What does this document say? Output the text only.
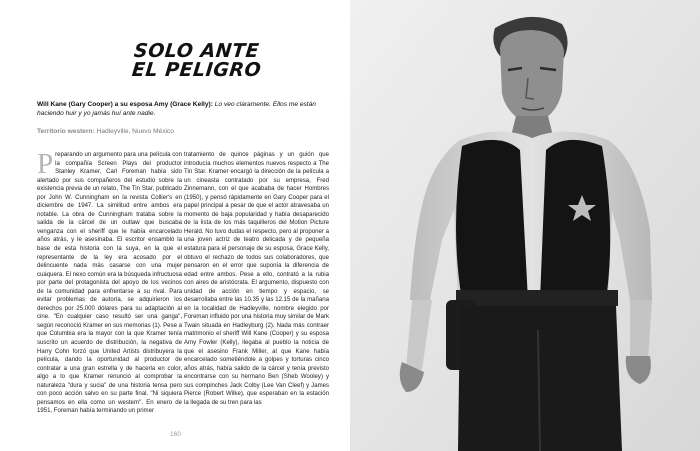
SOLO ANTE
EL PELIGRO
Will Kane (Gary Cooper) a su esposa Amy (Grace Kelly): Lo veo claramente. Ellos me están haciendo huir y yo jamás huí ante nadie.
Territorio western: Hadleyville, Nuevo México
P reparando un argumento para una película con la compañía Screen Plays del productor Stanley Kramer, Carl Foreman había sido alertado por sus compañeros del estudio sobre la existencia previa de un relato, The Tin Star, publicado por John W. Cunningham en la revista Collier's en diciembre de 1947. La similitud entre ambos era notable. La obra de Cunningham trataba sobre la salida de la cárcel de un outlaw que buscaba venganza con el sheriff que le había encarcelado años atrás, y le asesinaba. El escritor ensambló la base de esta historia con la suya, en la que el representante de la ley era acosado por el delincuente nada más casarse con una mujer cuáquera. El nexo común era la búsqueda infructuosa por parte del protagonista del apoyo de los vecinos de la comunidad para enfrentarse a su rival. Para evitar problemas de autoría, se adquirieron los derechos por 25.000 dólares para su adaptación al cine. "En cualquier caso resultó ser una ganga", según reconoció Kramer en sus memorias (1). Pese a que Columbia era la mayor con la que Kramer tenía suscrito un acuerdo de distribución, la negativa de Harry Cohn forzó que United Artists distribuyera la película, dando la oportunidad al productor de contratar a una gran estrella y de hacerla en color, algo a lo que Kramer renunció al comprobar la naturaleza "dura y sucia" de una historia tensa pero con poco acción salvo en su parte final. "Ni siquiera pensamos en ella como un western". En enero de 1951, Foreman había terminando un primer

tratamiento de quince páginas y un guión que introducía muchos elementos nuevos respecto a The Tin Star. Kramer encargó la dirección de la película a un cineasta contratado por su empresa, Fred Zinnemann, con el que acababa de hacer Hombres (1950), y pensó rápidamente en Gary Cooper para el papel principal a pesar de que el actor atravesaba un momento de baja popularidad y había desaparecido de la lista de los más taquilleros del Motion Picture Herald. No tuvo dudas el respecto, pero al proponer a una joven actriz de teatro delicada y de pequeña estatura para el personaje de su esposa, Grace Kelly, obtuvo el rechazo de todos sus colaboradores, que pensaron en el error que suponía la diferencia de edad entre ambos. Pese a ello, contrató a la rubia con aires de aristócrata. El argumento, dispuesto con unidad de acción en tiempo y espacio, se desarrollaba entre las 10.35 y las 12.15 de la mañana en la localidad de Hadleyville, nombre elegido por Foreman influido por una historia muy similar de Mark Twain situada en Hadleyburg (2). Nada más contraer matrimonio el sheriff Will Kane (Cooper) y su esposa Amy Fowler (Kelly), llegaba al pueblo la noticia de que el asesino Frank Miller, al que Kane había encarcelado sometiéndole a golpes y torturas cinco años atrás, había salido de la cárcel y tenía previsto encontrarse con su hermano Ben (Sheb Wooley) y sus compinches Jack Colby (Lee Van Cleef) y James Pierce (Robert Wilke), que esperaban en la estación la llegada de su tren para las

160
